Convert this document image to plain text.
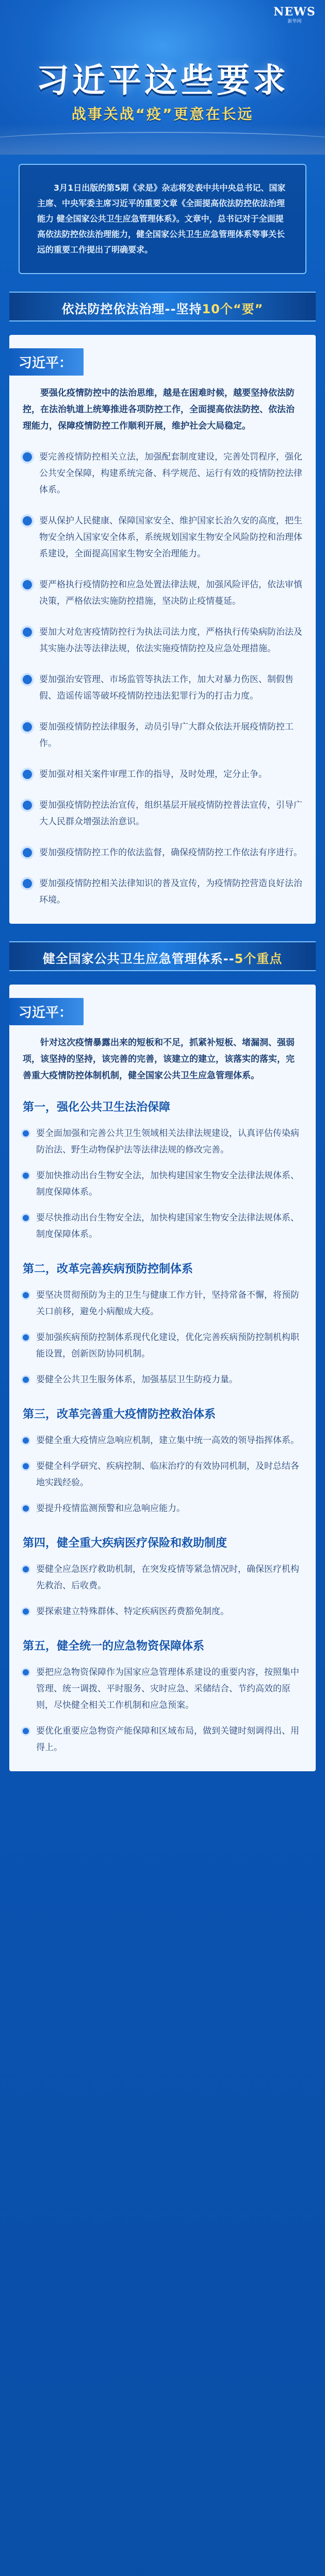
NEWS
新华网
习近平这些要求
战事关战“疫”更意在长远

3月1日出版的第5期《求是》杂志将发表中共中央总书记、国家主席、中央军委主席习近平的重要文章《全面提高依法防控依法治理能力 健全国家公共卫生应急管理体系》。文章中，总书记对于全面提高依法防控依法治理能力，健全国家公共卫生应急管理体系等事关长远的重要工作提出了明确要求。

依法防控依法治理--坚持10个“要”
习近平：
要强化疫情防控中的法治思维，越是在困难时候，越要坚持依法防控，在法治轨道上统筹推进各项防控工作，全面提高依法防控、依法治理能力，保障疫情防控工作顺利开展，维护社会大局稳定。
要完善疫情防控相关立法，加强配套制度建设，完善处罚程序，强化公共安全保障，构建系统完备、科学规范、运行有效的疫情防控法律体系。
要从保护人民健康、保障国家安全、维护国家长治久安的高度，把生物安全纳入国家安全体系，系统规划国家生物安全风险防控和治理体系建设，全面提高国家生物安全治理能力。
要严格执行疫情防控和应急处置法律法规，加强风险评估，依法审慎决策，严格依法实施防控措施，坚决防止疫情蔓延。
要加大对危害疫情防控行为执法司法力度，严格执行传染病防治法及其实施办法等法律法规，依法实施疫情防控及应急处理措施。
要加强治安管理、市场监管等执法工作，加大对暴力伤医、制假售假、造谣传谣等破坏疫情防控违法犯罪行为的打击力度。
要加强疫情防控法律服务，动员引导广大群众依法开展疫情防控工作。
要加强对相关案件审理工作的指导，及时处理，定分止争。
要加强疫情防控法治宣传，组织基层开展疫情防控普法宣传，引导广大人民群众增强法治意识。
要加强疫情防控工作的依法监督，确保疫情防控工作依法有序进行。
要加强疫情防控相关法律知识的普及宣传，为疫情防控营造良好法治环境。
健全国家公共卫生应急管理体系--5个重点
习近平：
针对这次疫情暴露出来的短板和不足，抓紧补短板、堵漏洞、强弱项，该坚持的坚持，该完善的完善，该建立的建立，该落实的落实，完善重大疫情防控体制机制，健全国家公共卫生应急管理体系。
第一，强化公共卫生法治保障
要全面加强和完善公共卫生领域相关法律法规建设，认真评估传染病防治法、野生动物保护法等法律法规的修改完善。
要加快推动出台生物安全法，加快构建国家生物安全法律法规体系、制度保障体系。
要尽快推动出台生物安全法，加快构建国家生物安全法律法规体系、制度保障体系。
第二，改革完善疾病预防控制体系
要坚决贯彻预防为主的卫生与健康工作方针，坚持常备不懈，将预防关口前移，避免小病酿成大疫。
要加强疾病预防控制体系现代化建设，优化完善疾病预防控制机构职能设置，创新医防协同机制。
要健全公共卫生服务体系，加强基层卫生防疫力量。
第三，改革完善重大疫情防控救治体系
要健全重大疫情应急响应机制，建立集中统一高效的领导指挥体系。
要健全科学研究、疾病控制、临床治疗的有效协同机制，及时总结各地实践经验。
要提升疫情监测预警和应急响应能力。
第四，健全重大疾病医疗保险和救助制度
要健全应急医疗救助机制，在突发疫情等紧急情况时，确保医疗机构先救治、后收费。
要探索建立特殊群体、特定疾病医药费豁免制度。
第五，健全统一的应急物资保障体系
要把应急物资保障作为国家应急管理体系建设的重要内容，按照集中管理、统一调拨、平时服务、灾时应急、采储结合、节约高效的原则，尽快健全相关工作机制和应急预案。
要优化重要应急物资产能保障和区域布局，做到关键时刻调得出、用得上。
